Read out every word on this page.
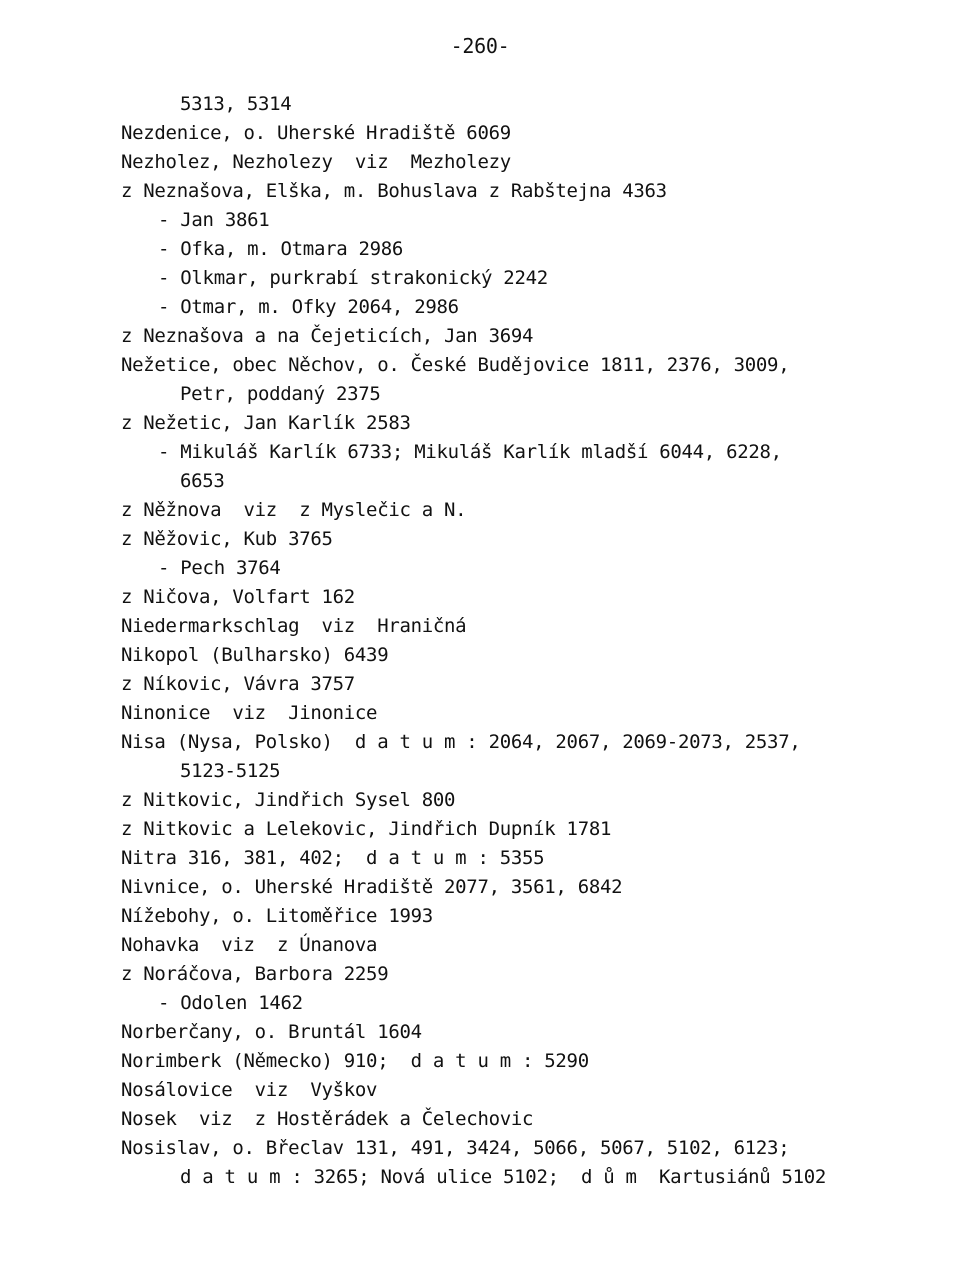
-260-
5313, 5314
Nezdenice, o. Uherské Hradiště 6069
Nezholez, Nezholezy  viz  Mezholezy
z Neznašova, Elška, m. Bohuslava z Rabštejna 4363
- Jan 3861
- Ofka, m. Otmara 2986
- Olkmar, purkrabí strakonický 2242
- Otmar, m. Ofky 2064, 2986
z Neznašova a na Čejeticích, Jan 3694
Nežetice, obec Něchov, o. České Budějovice 1811, 2376, 3009,
Petr, poddaný 2375
z Nežetic, Jan Karlík 2583
- Mikuláš Karlík 6733; Mikuláš Karlík mladší 6044, 6228,
6653
z Něžnova  viz  z Myslečic a N.
z Něžovic, Kub 3765
- Pech 3764
z Ničova, Volfart 162
Niedermarkschlag  viz  Hraničná
Nikopol (Bulharsko) 6439
z Níkovic, Vávra 3757
Ninonice  viz  Jinonice
Nisa (Nysa, Polsko)  d a t u m : 2064, 2067, 2069-2073, 2537,
5123-5125
z Nitkovic, Jindřich Sysel 800
z Nitkovic a Lelekovic, Jindřich Dupník 1781
Nitra 316, 381, 402;  d a t u m : 5355
Nivnice, o. Uherské Hradiště 2077, 3561, 6842
Nížebohy, o. Litoměřice 1993
Nohavka  viz  z Únanova
z Noráčova, Barbora 2259
- Odolen 1462
Norberčany, o. Bruntál 1604
Norimberk (Německo) 910;  d a t u m : 5290
Nosálovice  viz  Vyškov
Nosek  viz  z Hostěrádek a Čelechovic
Nosislav, o. Břeclav 131, 491, 3424, 5066, 5067, 5102, 6123;
d a t u m : 3265; Nová ulice 5102;  d ů m  Kartusiánů 5102
